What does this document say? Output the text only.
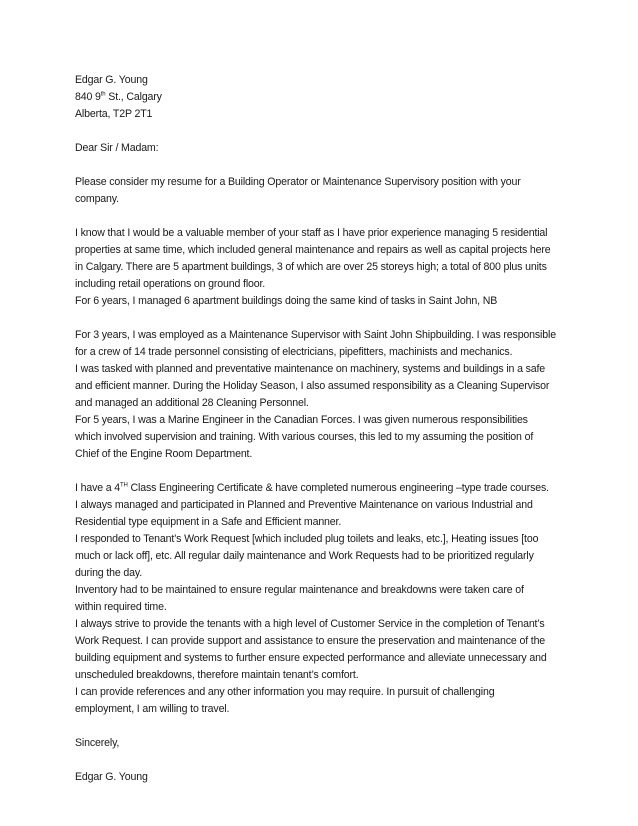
Edgar G. Young
840 9th St., Calgary
Alberta, T2P 2T1
Dear Sir / Madam:
Please consider my resume for a Building Operator or Maintenance Supervisory position with your
company.
I know that I would be a valuable member of your staff as I have prior experience managing 5 residential
properties at same time, which included general maintenance and repairs as well as capital projects here
in Calgary. There are 5 apartment buildings, 3 of which are over 25 storeys high; a total of 800 plus units
including retail operations on ground floor.
For 6 years, I managed 6 apartment buildings doing the same kind of tasks in Saint John, NB
For 3 years, I was employed as a Maintenance Supervisor with Saint John Shipbuilding. I was responsible
for a crew of 14 trade personnel consisting of electricians, pipefitters, machinists and mechanics.
I was tasked with planned and preventative maintenance on machinery, systems and buildings in a safe
and efficient manner. During the Holiday Season, I also assumed responsibility as a Cleaning Supervisor
and managed an additional 28 Cleaning Personnel.
For 5 years, I was a Marine Engineer in the Canadian Forces. I was given numerous responsibilities
which involved supervision and training. With various courses, this led to my assuming the position of
Chief of the Engine Room Department.
I have a 4TH Class Engineering Certificate & have completed numerous engineering –type trade courses.
I always managed and participated in Planned and Preventive Maintenance on various Industrial and
Residential type equipment in a Safe and Efficient manner.
I responded to Tenant’s Work Request [which included plug toilets and leaks, etc.], Heating issues [too
much or lack off], etc. All regular daily maintenance and Work Requests had to be prioritized regularly
during the day.
Inventory had to be maintained to ensure regular maintenance and breakdowns were taken care of
within required time.
I always strive to provide the tenants with a high level of Customer Service in the completion of Tenant’s
Work Request. I can provide support and assistance to ensure the preservation and maintenance of the
building equipment and systems to further ensure expected performance and alleviate unnecessary and
unscheduled breakdowns, therefore maintain tenant’s comfort.
I can provide references and any other information you may require. In pursuit of challenging
employment, I am willing to travel.
Sincerely,
Edgar G. Young
